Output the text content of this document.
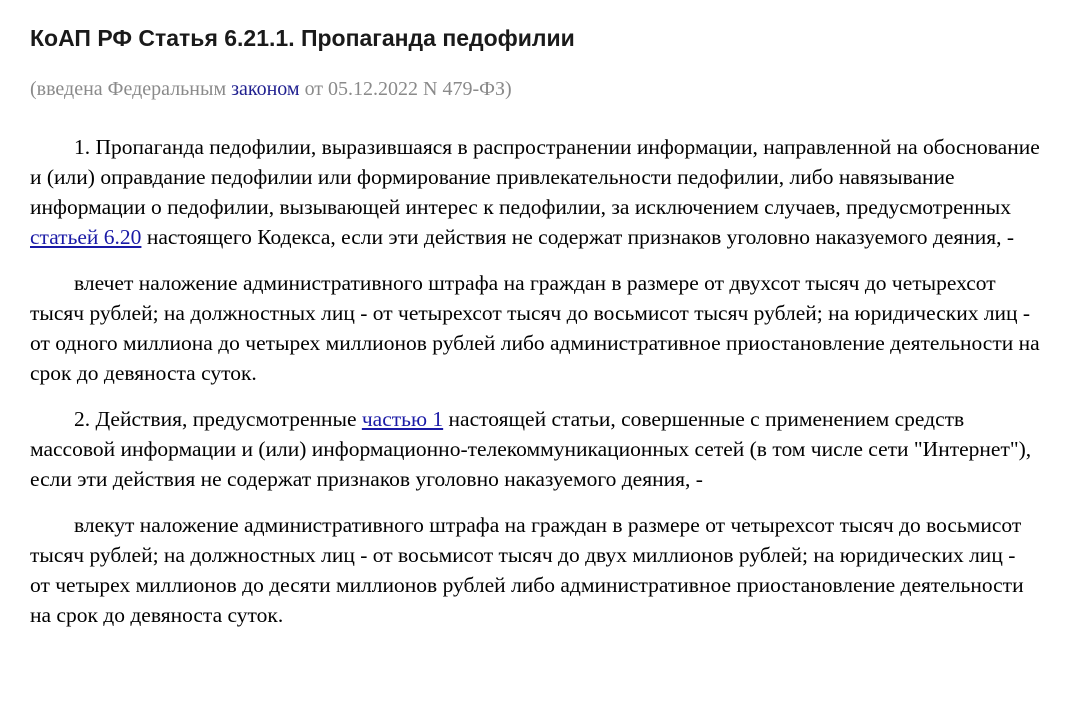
КоАП РФ Статья 6.21.1. Пропаганда педофилии

(введена Федеральным законом от 05.12.2022 N 479-ФЗ)

1. Пропаганда педофилии, выразившаяся в распространении информации, направленной на обоснование и (или) оправдание педофилии или формирование привлекательности педофилии, либо навязывание информации о педофилии, вызывающей интерес к педофилии, за исключением случаев, предусмотренных статьей 6.20 настоящего Кодекса, если эти действия не содержат признаков уголовно наказуемого деяния, -

влечет наложение административного штрафа на граждан в размере от двухсот тысяч до четырехсот тысяч рублей; на должностных лиц - от четырехсот тысяч до восьмисот тысяч рублей; на юридических лиц - от одного миллиона до четырех миллионов рублей либо административное приостановление деятельности на срок до девяноста суток.

2. Действия, предусмотренные частью 1 настоящей статьи, совершенные с применением средств массовой информации и (или) информационно-телекоммуникационных сетей (в том числе сети "Интернет"), если эти действия не содержат признаков уголовно наказуемого деяния, -

влекут наложение административного штрафа на граждан в размере от четырехсот тысяч до восьмисот тысяч рублей; на должностных лиц - от восьмисот тысяч до двух миллионов рублей; на юридических лиц - от четырех миллионов до десяти миллионов рублей либо административное приостановление деятельности на срок до девяноста суток.
